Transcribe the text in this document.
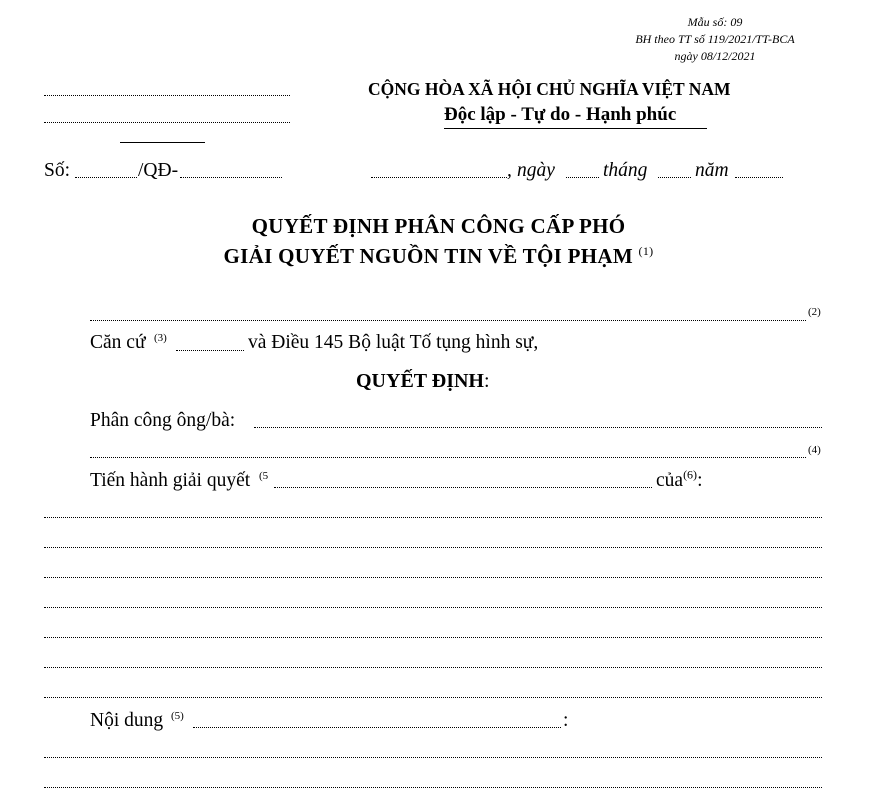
Mẫu số: 09
BH theo TT số 119/2021/TT-BCA
ngày 08/12/2021
CỘNG HÒA XÃ HỘI CHỦ NGHĨA VIỆT NAM
Độc lập - Tự do - Hạnh phúc
Số:	/QĐ-	, ngày tháng năm
QUYẾT ĐỊNH PHÂN CÔNG CẤP PHÓ
GIẢI QUYẾT NGUỒN TIN VỀ TỘI PHẠM $^{(1)}$
(2)
Căn cứ (3)	và Điều 145 Bộ luật Tố tụng hình sự,
QUYẾT ĐỊNH:
Phân công ông/bà:
(4)
Tiến hành giải quyết (5	của$^{(6)}$:
Nội dung (5)	:
